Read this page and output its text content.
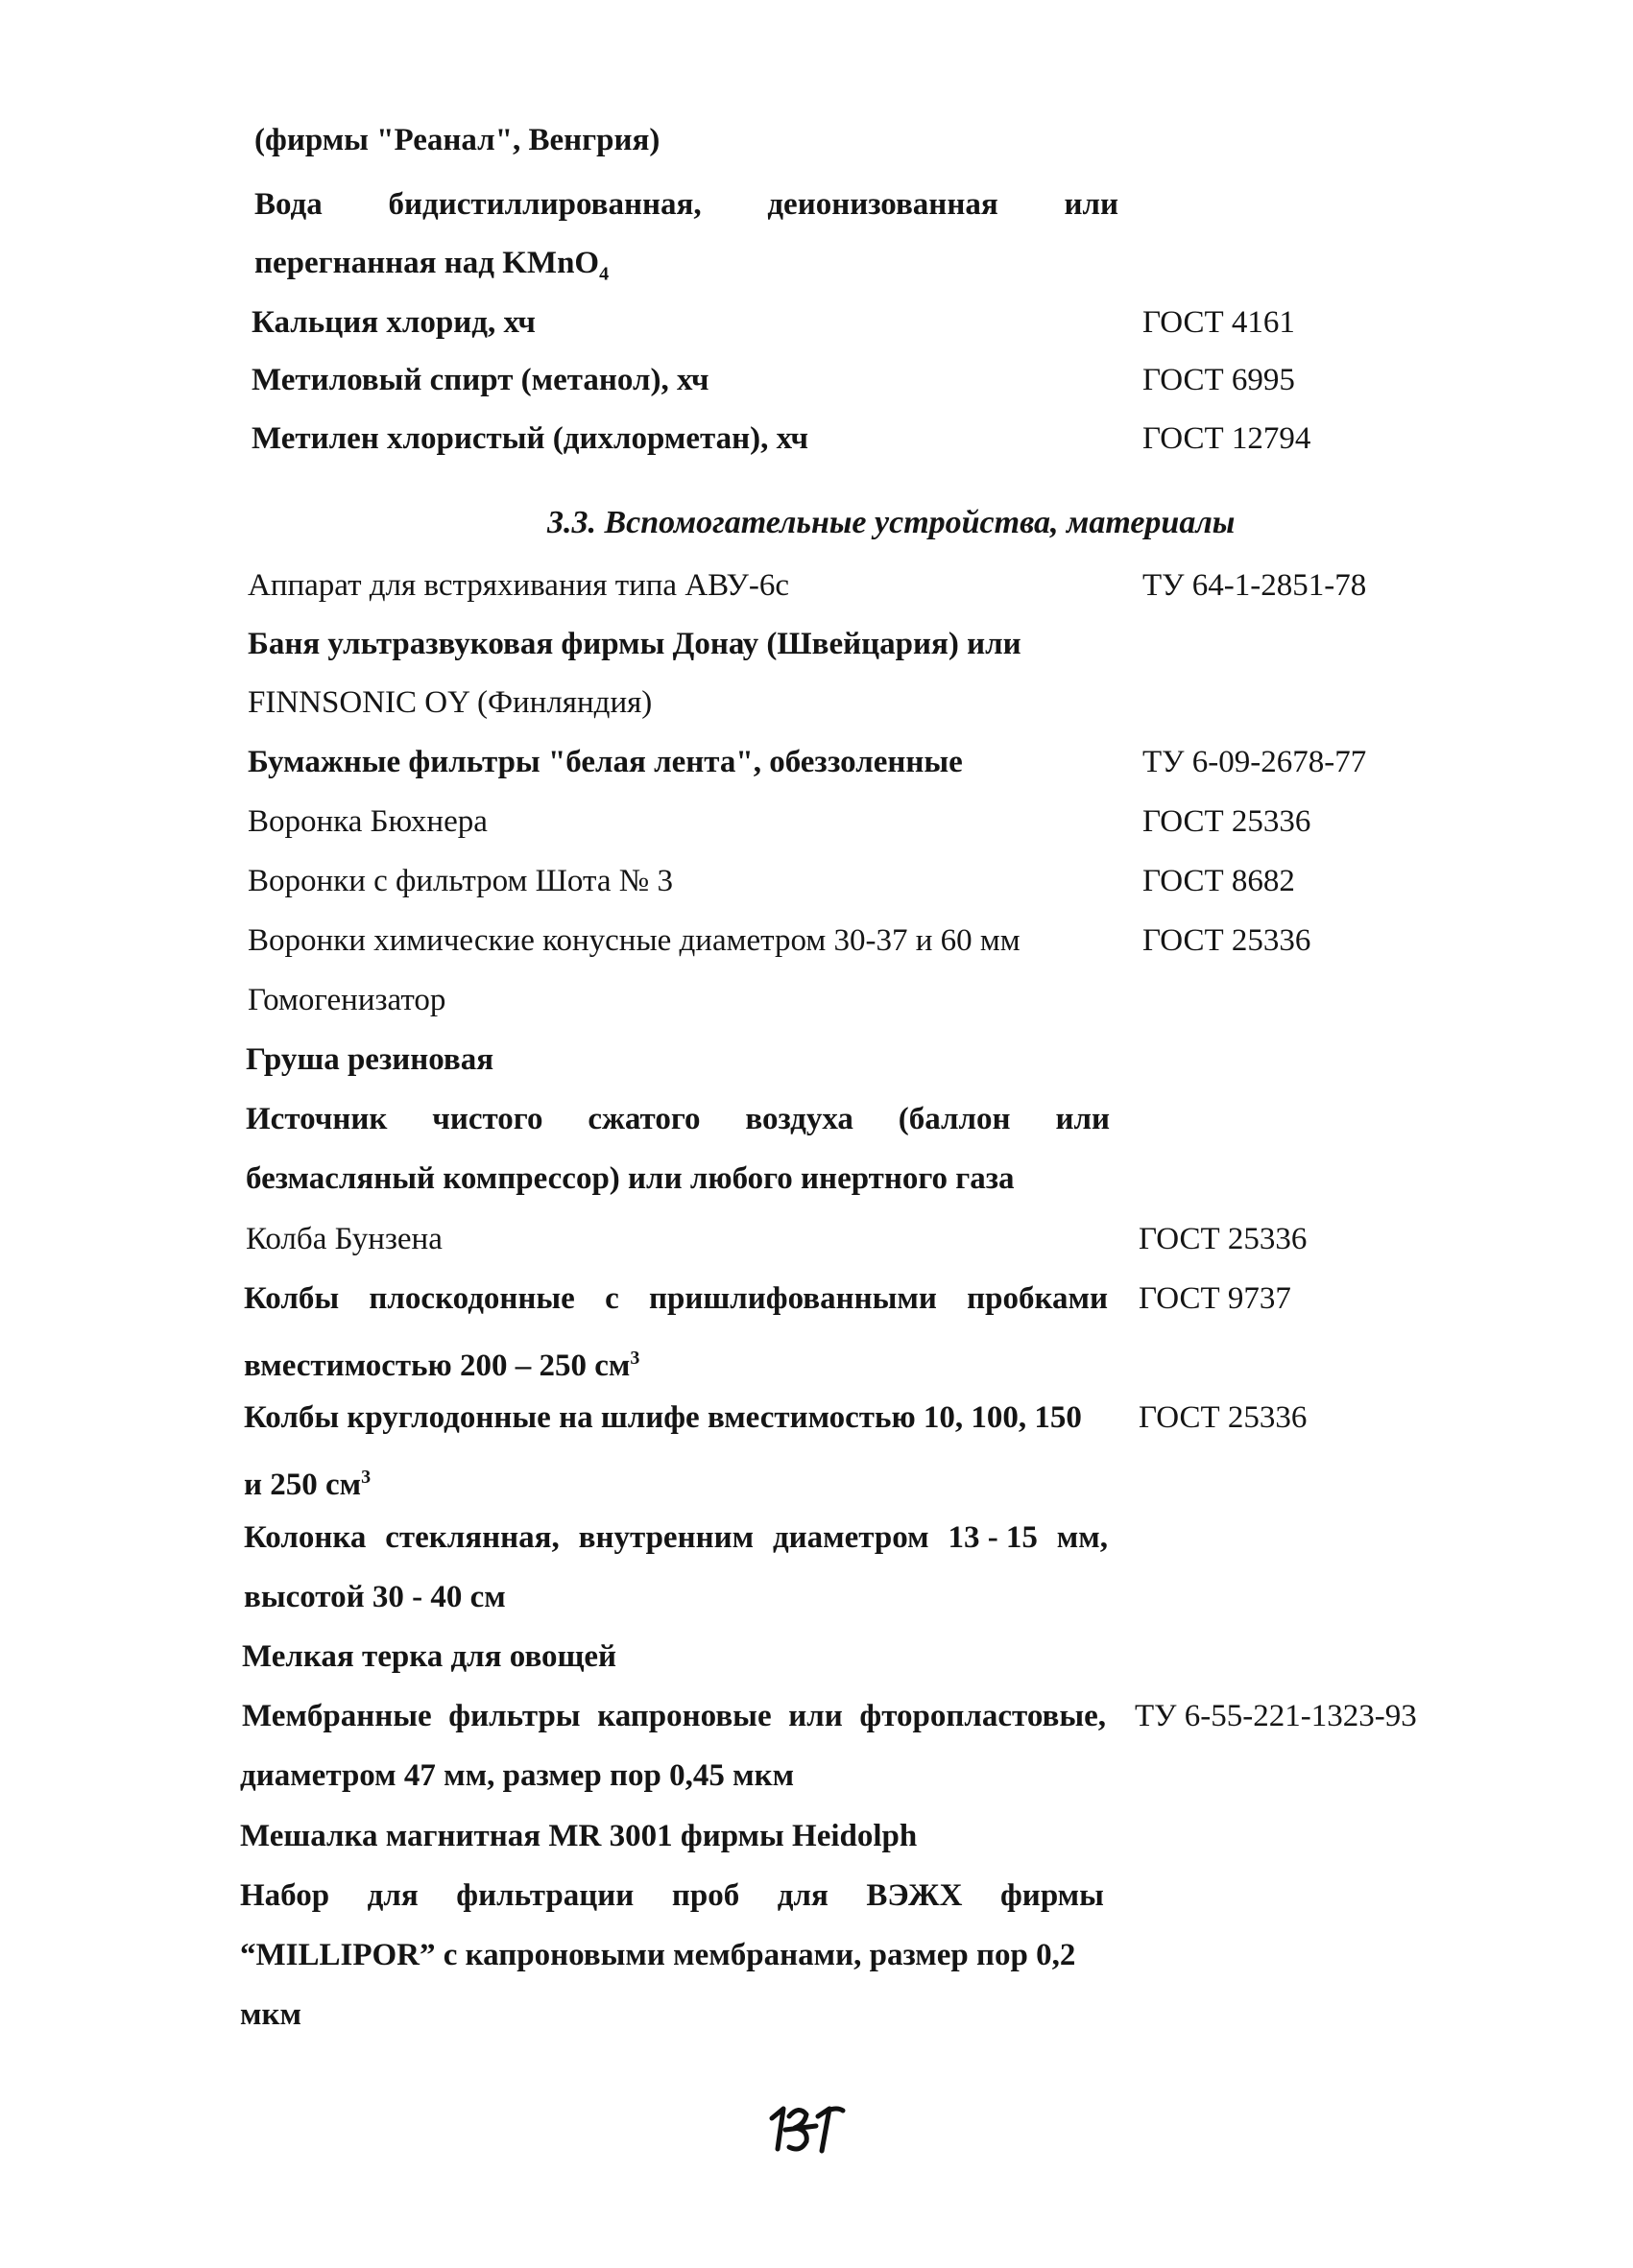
(фирмы "Реанал", Венгрия)
Вода бидистиллированная, деионизованная или
перегнанная над KMnO$_4$
Кальция хлорид, хч	ГОСТ 4161
Метиловый спирт (метанол), хч	ГОСТ 6995
Метилен хлористый (дихлорметан), хч	ГОСТ 12794
3.3. Вспомогательные устройства, материалы
Аппарат для встряхивания типа АВУ-6с	ТУ 64-1-2851-78
Баня ультразвуковая фирмы Донау (Швейцария) или
FINNSONIC OY (Финляндия)
Бумажные фильтры "белая лента", обеззоленные	ТУ 6-09-2678-77
Воронка Бюхнера	ГОСТ 25336
Воронки с фильтром Шота № 3	ГОСТ 8682
Воронки химические конусные диаметром 30-37 и 60 мм	ГОСТ 25336
Гомогенизатор
Груша резиновая
Источник чистого сжатого воздуха (баллон или
безмасляный компрессор) или любого инертного газа
Колба Бунзена	ГОСТ 25336
Колбы плоскодонные с пришлифованными пробками ГОСТ 9737
вместимостью 200 – 250 $см^3$
Колбы круглодонные на шлифе вместимостью 10, 100, 150 ГОСТ 25336
и 250 $см^3$
Колонка стеклянная, внутренним диаметром 13 - 15 мм,
высотой 30 - 40 см
Мелкая терка для овощей
Мембранные фильтры капроновые или фторопластовые, ТУ 6-55-221-1323-93
диаметром 47 мм, размер пор 0,45 мкм
Мешалка магнитная MR 3001 фирмы Heidolph
Набор для фильтрации проб для ВЭЖХ фирмы
“MILLIPOR” с капроновыми мембранами, размер пор 0,2
мкм
